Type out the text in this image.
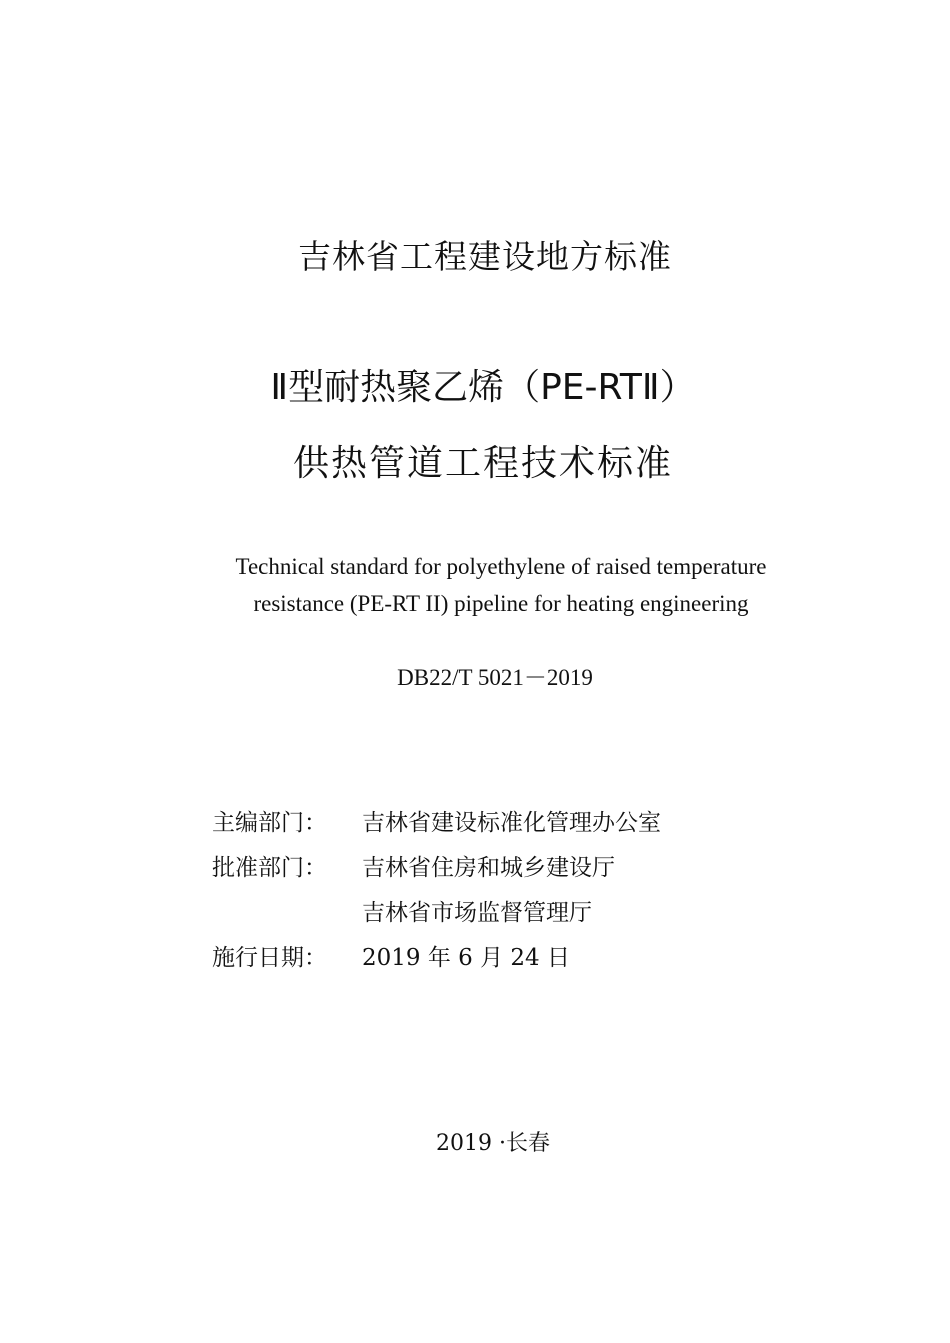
吉林省工程建设地方标准
Ⅱ型耐热聚乙烯（PE-RTⅡ）
供热管道工程技术标准
Technical standard for polyethylene of raised temperature
resistance (PE-RT II) pipeline for heating engineering
DB22/T 5021－2019
主编部门：	吉林省建设标准化管理办公室
批准部门：	吉林省住房和城乡建设厅
吉林省市场监督管理厅
施行日期：	2019 年 6 月 24 日
2019 ·长春
